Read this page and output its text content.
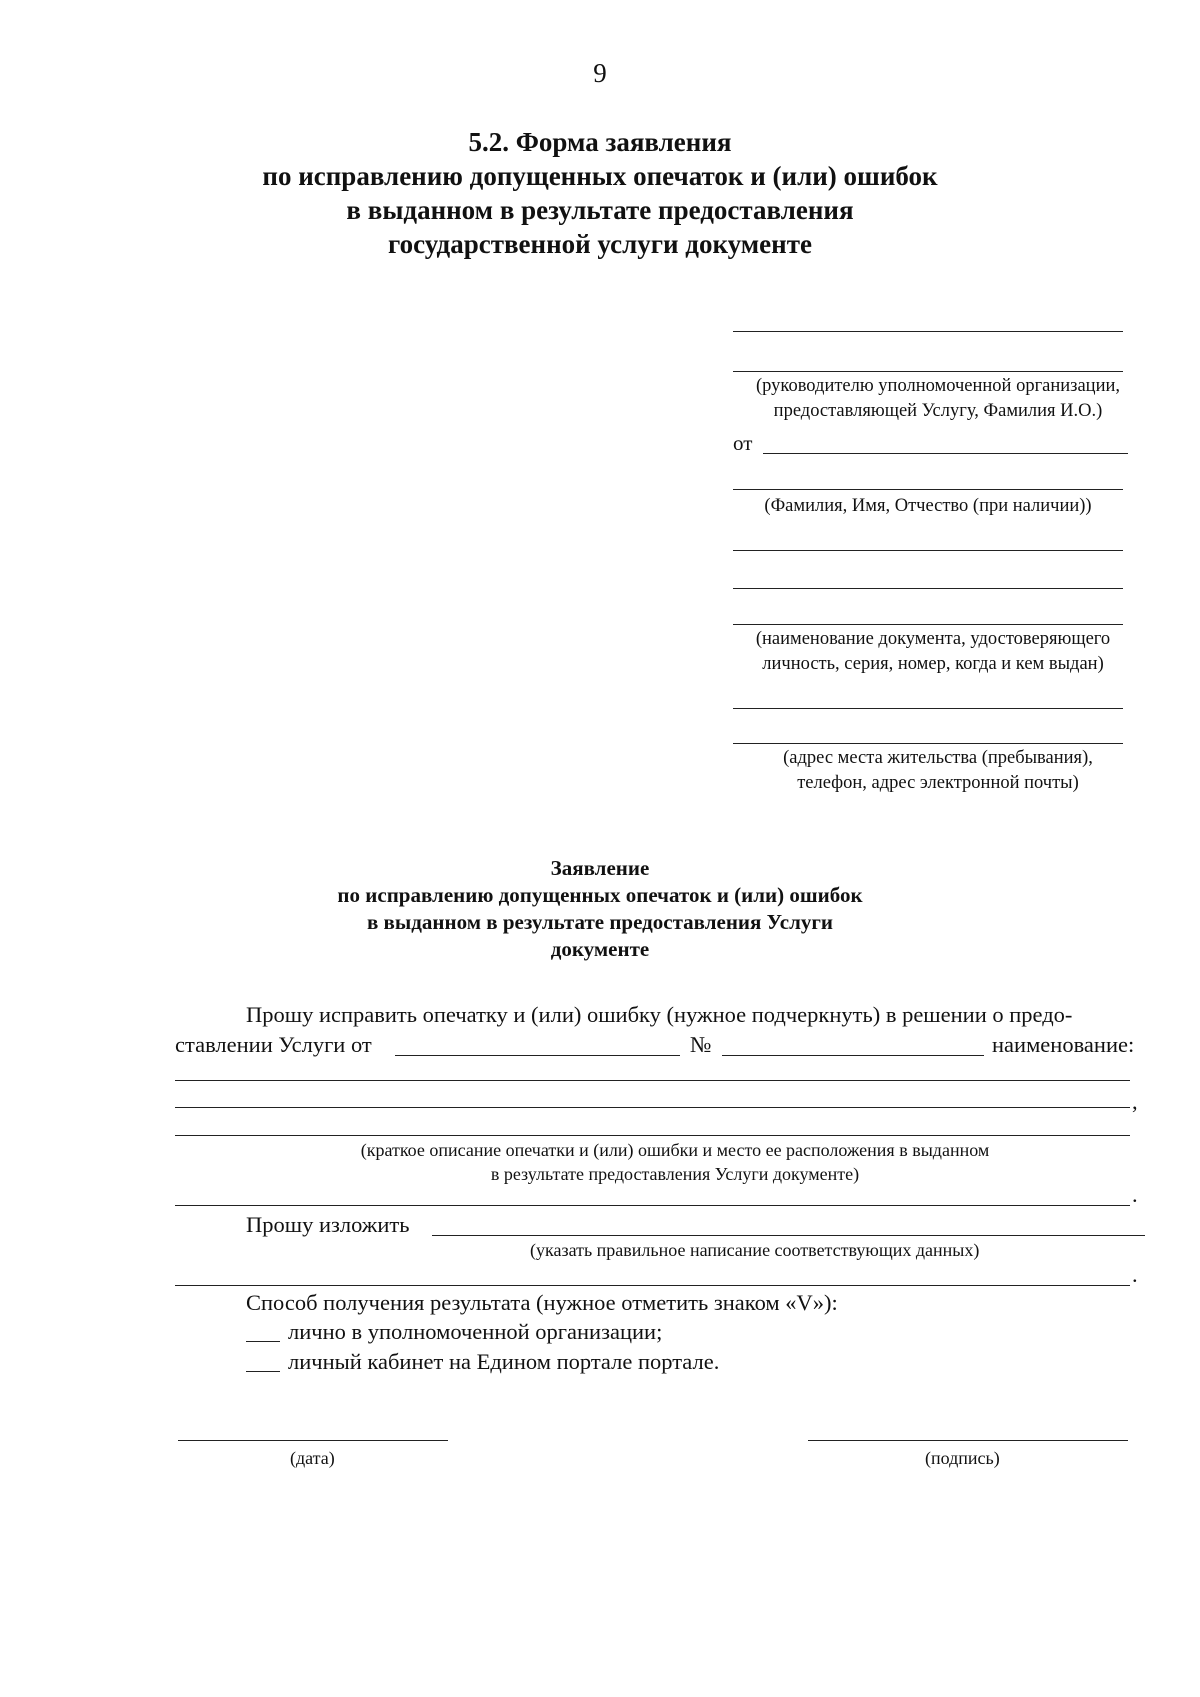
9
5.2. Форма заявления
по исправлению допущенных опечаток и (или) ошибок
в выданном в результате предоставления
государственной услуги документе
(руководителю уполномоченной организации,
предоставляющей Услугу, Фамилия И.О.)
от
(Фамилия, Имя, Отчество (при наличии))
(наименование документа, удостоверяющего
личность, серия, номер, когда и кем выдан)
(адрес места жительства (пребывания),
телефон, адрес электронной почты)
Заявление
по исправлению допущенных опечаток и (или) ошибок
в выданном в результате предоставления Услуги
документе
Прошу исправить опечатку и (или) ошибку (нужное подчеркнуть) в решении о предо-
ставлении Услуги от	№	наименование:
,
(краткое описание опечатки и (или) ошибки и место ее расположения в выданном
в результате предоставления Услуги документе)
.
Прошу изложить
(указать правильное написание соответствующих данных)
.
Способ получения результата (нужное отметить знаком «V»):
лично в уполномоченной организации;
личный кабинет на Едином портале портале.
(дата)	(подпись)
